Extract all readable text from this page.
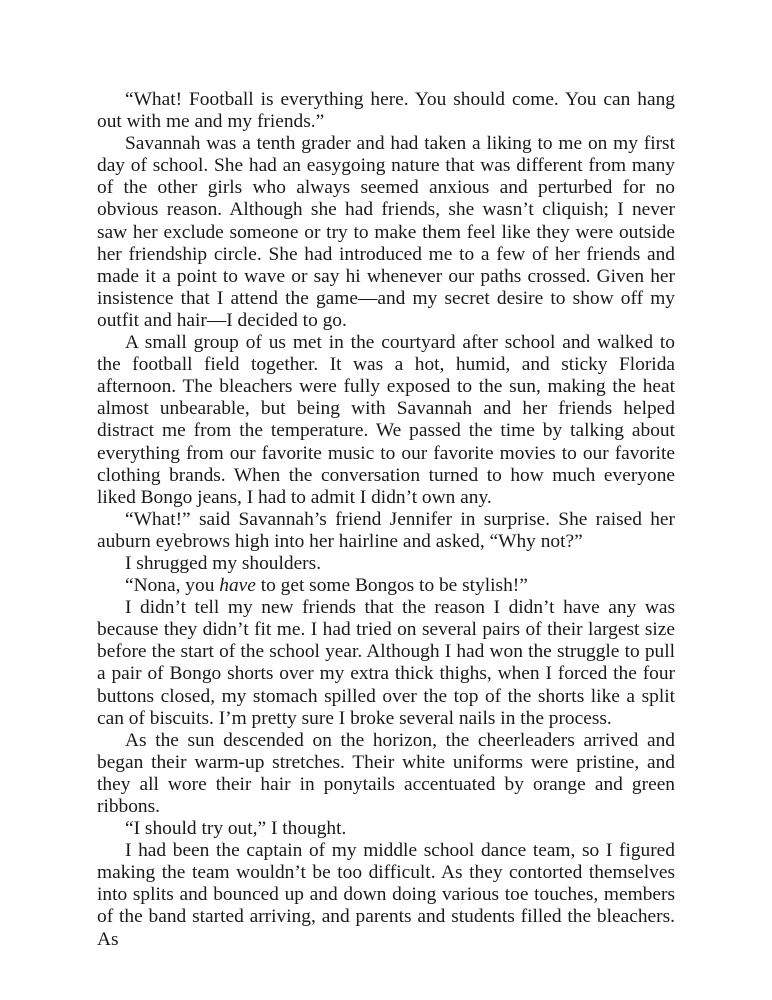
“What! Football is everything here. You should come. You can hang out with me and my friends.”

Savannah was a tenth grader and had taken a liking to me on my first day of school. She had an easygoing nature that was different from many of the other girls who always seemed anxious and perturbed for no obvious reason. Although she had friends, she wasn’t cliquish; I never saw her exclude someone or try to make them feel like they were outside her friendship circle. She had introduced me to a few of her friends and made it a point to wave or say hi whenever our paths crossed. Given her insistence that I attend the game—and my secret desire to show off my outfit and hair—I decided to go.

A small group of us met in the courtyard after school and walked to the football field together. It was a hot, humid, and sticky Florida afternoon. The bleachers were fully exposed to the sun, making the heat almost unbearable, but being with Savannah and her friends helped distract me from the temperature. We passed the time by talking about everything from our favorite music to our favorite movies to our favorite clothing brands. When the conversation turned to how much everyone liked Bongo jeans, I had to admit I didn’t own any.

“What!” said Savannah’s friend Jennifer in surprise. She raised her auburn eyebrows high into her hairline and asked, “Why not?”

I shrugged my shoulders.

“Nona, you have to get some Bongos to be stylish!”

I didn’t tell my new friends that the reason I didn’t have any was because they didn’t fit me. I had tried on several pairs of their largest size before the start of the school year. Although I had won the struggle to pull a pair of Bongo shorts over my extra thick thighs, when I forced the four buttons closed, my stomach spilled over the top of the shorts like a split can of biscuits. I’m pretty sure I broke several nails in the process.

As the sun descended on the horizon, the cheerleaders arrived and began their warm-up stretches. Their white uniforms were pristine, and they all wore their hair in ponytails accentuated by orange and green ribbons.

“I should try out,” I thought.

I had been the captain of my middle school dance team, so I figured making the team wouldn’t be too difficult. As they contorted themselves into splits and bounced up and down doing various toe touches, members of the band started arriving, and parents and students filled the bleachers. As
